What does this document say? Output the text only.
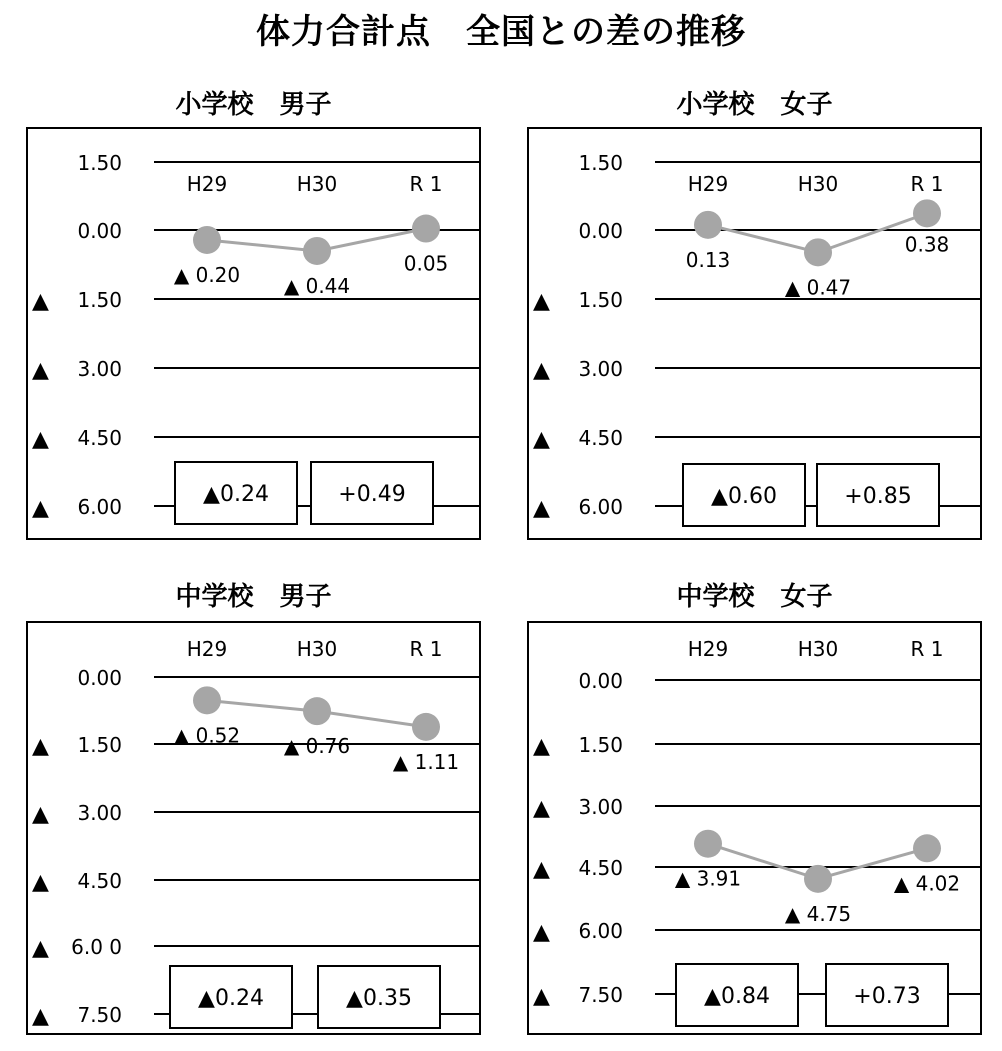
体力合計点　全国との差の推移
小学校　男子	小学校　女子
中学校　男子	中学校　女子
1.50
0.00
▲ 1.50
▲ 3.00
▲ 4.50
▲ 6.00
H29	H30	R 1
▲ 0.20 ▲ 0.44
0.05
▲0.24	+0.49
1.50
0.00
▲ 1.50
▲ 3.00
▲ 4.50
▲ 6.00
H29	H30	R 1
0.13
▲ 0.47
0.38
▲0.60	+0.85
0.00
▲ 1.50
▲ 3.00
▲ 4.50
▲ 6.0 0
▲ 7.50
H29	H30	R 1
▲ 0.52 ▲ 0.76
▲ 1.11
▲0.24	▲0.35
0.00
▲ 1.50
▲ 3.00
▲ 4.50
▲ 6.00
▲ 7.50
H29	H30	R 1
▲ 3.91
▲ 4.75
▲ 4.02
▲0.84	+0.73
